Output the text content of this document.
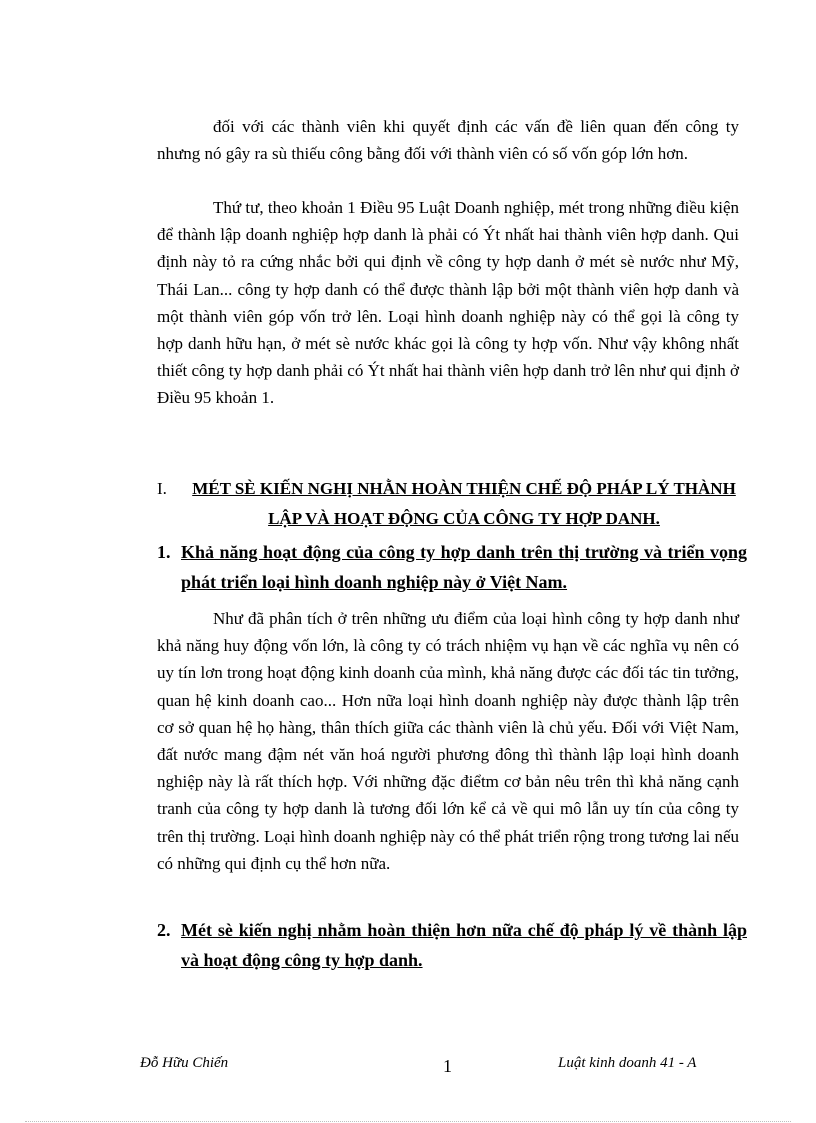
đối với các thành viên khi quyết định các vấn đề liên quan đến công ty nhưng nó gây ra sù thiếu công bằng đối với thành viên có số vốn góp lớn hơn.

Thứ tư, theo khoản 1 Điều 95 Luật Doanh nghiệp, mét trong những điều kiện để thành lập doanh nghiệp hợp danh là phải có Ýt nhất hai thành viên hợp danh. Qui định này tỏ ra cứng nhắc bởi qui định về công ty hợp danh ở mét sè nước như Mỹ, Thái Lan... công ty hợp danh có thể được thành lập bởi một thành viên hợp danh và một thành viên góp vốn trở lên. Loại hình doanh nghiệp này có thể gọi là công ty hợp danh hữu hạn, ở mét sè nước khác gọi là công ty hợp vốn. Như vậy không nhất thiết công ty hợp danh phải có Ýt nhất hai thành viên hợp danh trở lên như qui định ở Điều 95 khoản 1.

I.	MÉT SÈ KIẾN NGHỊ NHẰN HOÀN THIỆN CHẾ ĐỘ PHÁP LÝ THÀNH LẬP VÀ HOẠT ĐỘNG CỦA CÔNG TY HỢP DANH.
1. Khả năng hoạt động của công ty hợp danh trên thị trường và triển vọng phát triển loại hình doanh nghiệp này ở Việt Nam.

Như đã phân tích ở trên những ưu điểm của loại hình công ty hợp danh như khả năng huy động vốn lớn, là công ty có trách nhiệm vụ hạn về các nghĩa vụ nên có uy tín lơn trong hoạt động kinh doanh của mình, khả năng được các đối tác tin tưởng, quan hệ kinh doanh cao... Hơn nữa loại hình doanh nghiệp này được thành lập trên cơ sở quan hệ họ hàng, thân thích giữa các thành viên là chủ yếu. Đối với Việt Nam, đất nước mang đậm nét văn hoá người phương đông thì thành lập loại hình doanh nghiệp này là rất thích hợp. Với những đặc điểtm cơ bản nêu trên thì khả năng cạnh tranh của công ty hợp danh là tương đối lớn kể cả về qui mô lẫn uy tín của công ty trên thị trường. Loại hình doanh nghiệp này có thể phát triển rộng trong tương lai nếu có những qui định cụ thể hơn nữa.

2. Mét sè kiến nghị nhằm hoàn thiện hơn nữa chế độ pháp lý về thành lập và hoạt động công ty hợp danh.
Đỗ Hữu Chiến	1	Luật kinh doanh 41 - A
